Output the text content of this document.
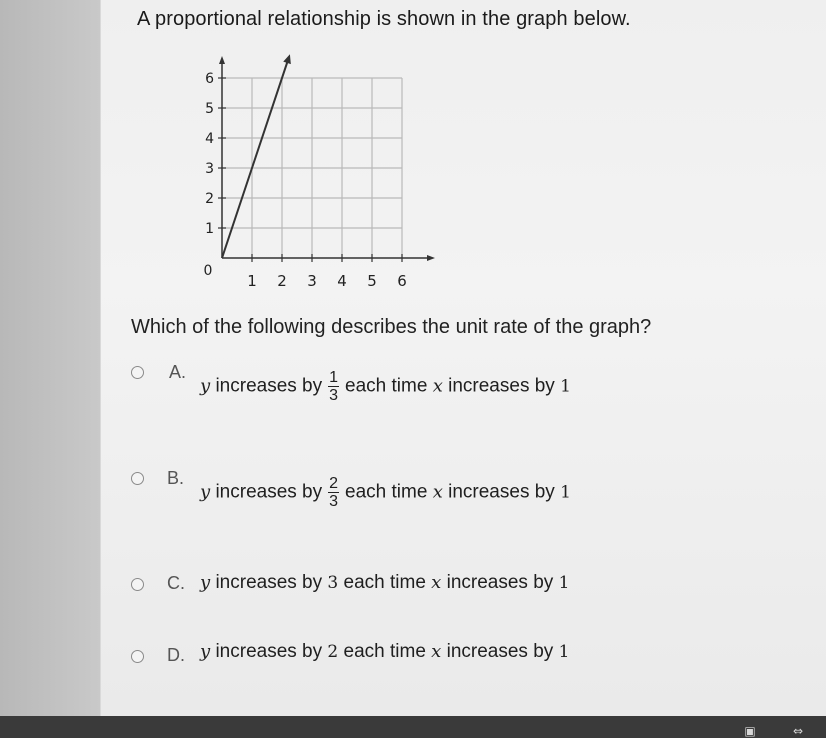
A proportional relationship is shown in the graph below.
1 2 3 4 5 6
1
2
3
4
5
6
0
Which of the following describes the unit rate of the graph?
A.
y increases by $\frac{1}{3}$ each time x increases by 1
B.
y increases by $\frac{2}{3}$ each time x increases by 1
C. y increases by 3 each time x increases by 1
D. y increases by 2 each time x increases by 1
▣	⇔
